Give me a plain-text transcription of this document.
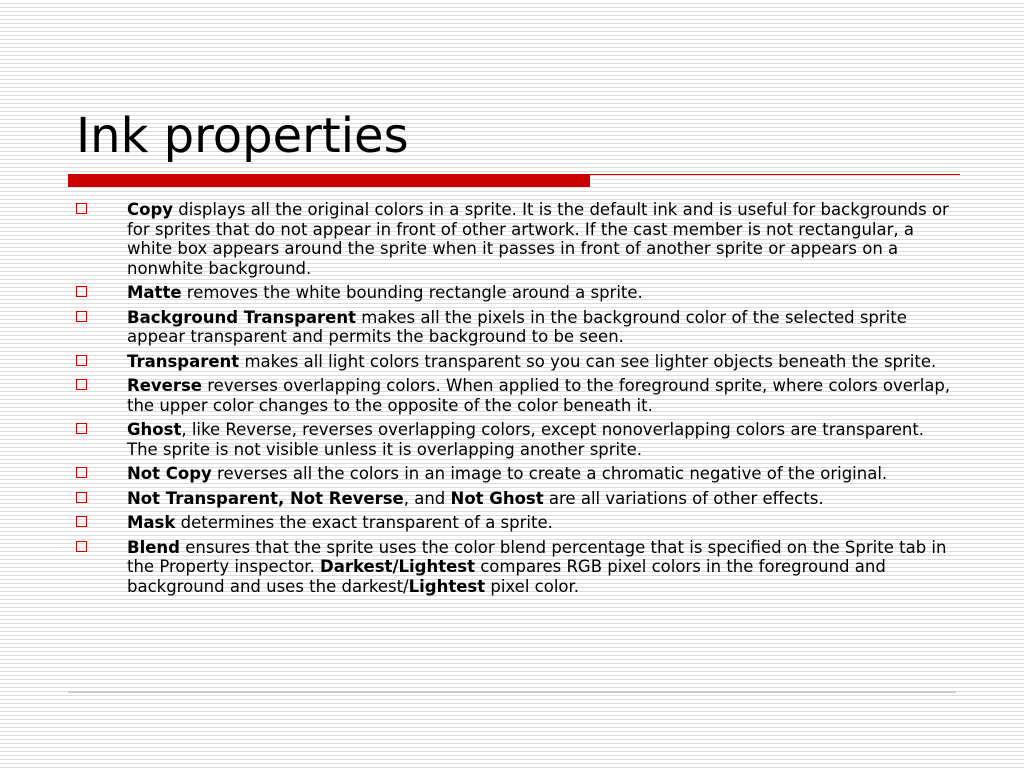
Ink properties
Copy displays all the original colors in a sprite. It is the default ink and is useful for backgrounds or for sprites that do not appear in front of other artwork. If the cast member is not rectangular, a white box appears around the sprite when it passes in front of another sprite or appears on a nonwhite background.
Matte removes the white bounding rectangle around a sprite.
Background Transparent makes all the pixels in the background color of the selected sprite appear transparent and permits the background to be seen.
Transparent makes all light colors transparent so you can see lighter objects beneath the sprite.
Reverse reverses overlapping colors. When applied to the foreground sprite, where colors overlap, the upper color changes to the opposite of the color beneath it.
Ghost, like Reverse, reverses overlapping colors, except nonoverlapping colors are transparent. The sprite is not visible unless it is overlapping another sprite.
Not Copy reverses all the colors in an image to create a chromatic negative of the original.
Not Transparent, Not Reverse, and Not Ghost are all variations of other effects.
Mask determines the exact transparent of a sprite.
Blend ensures that the sprite uses the color blend percentage that is specified on the Sprite tab in the Property inspector. Darkest/Lightest compares RGB pixel colors in the foreground and background and uses the darkest/Lightest pixel color.
